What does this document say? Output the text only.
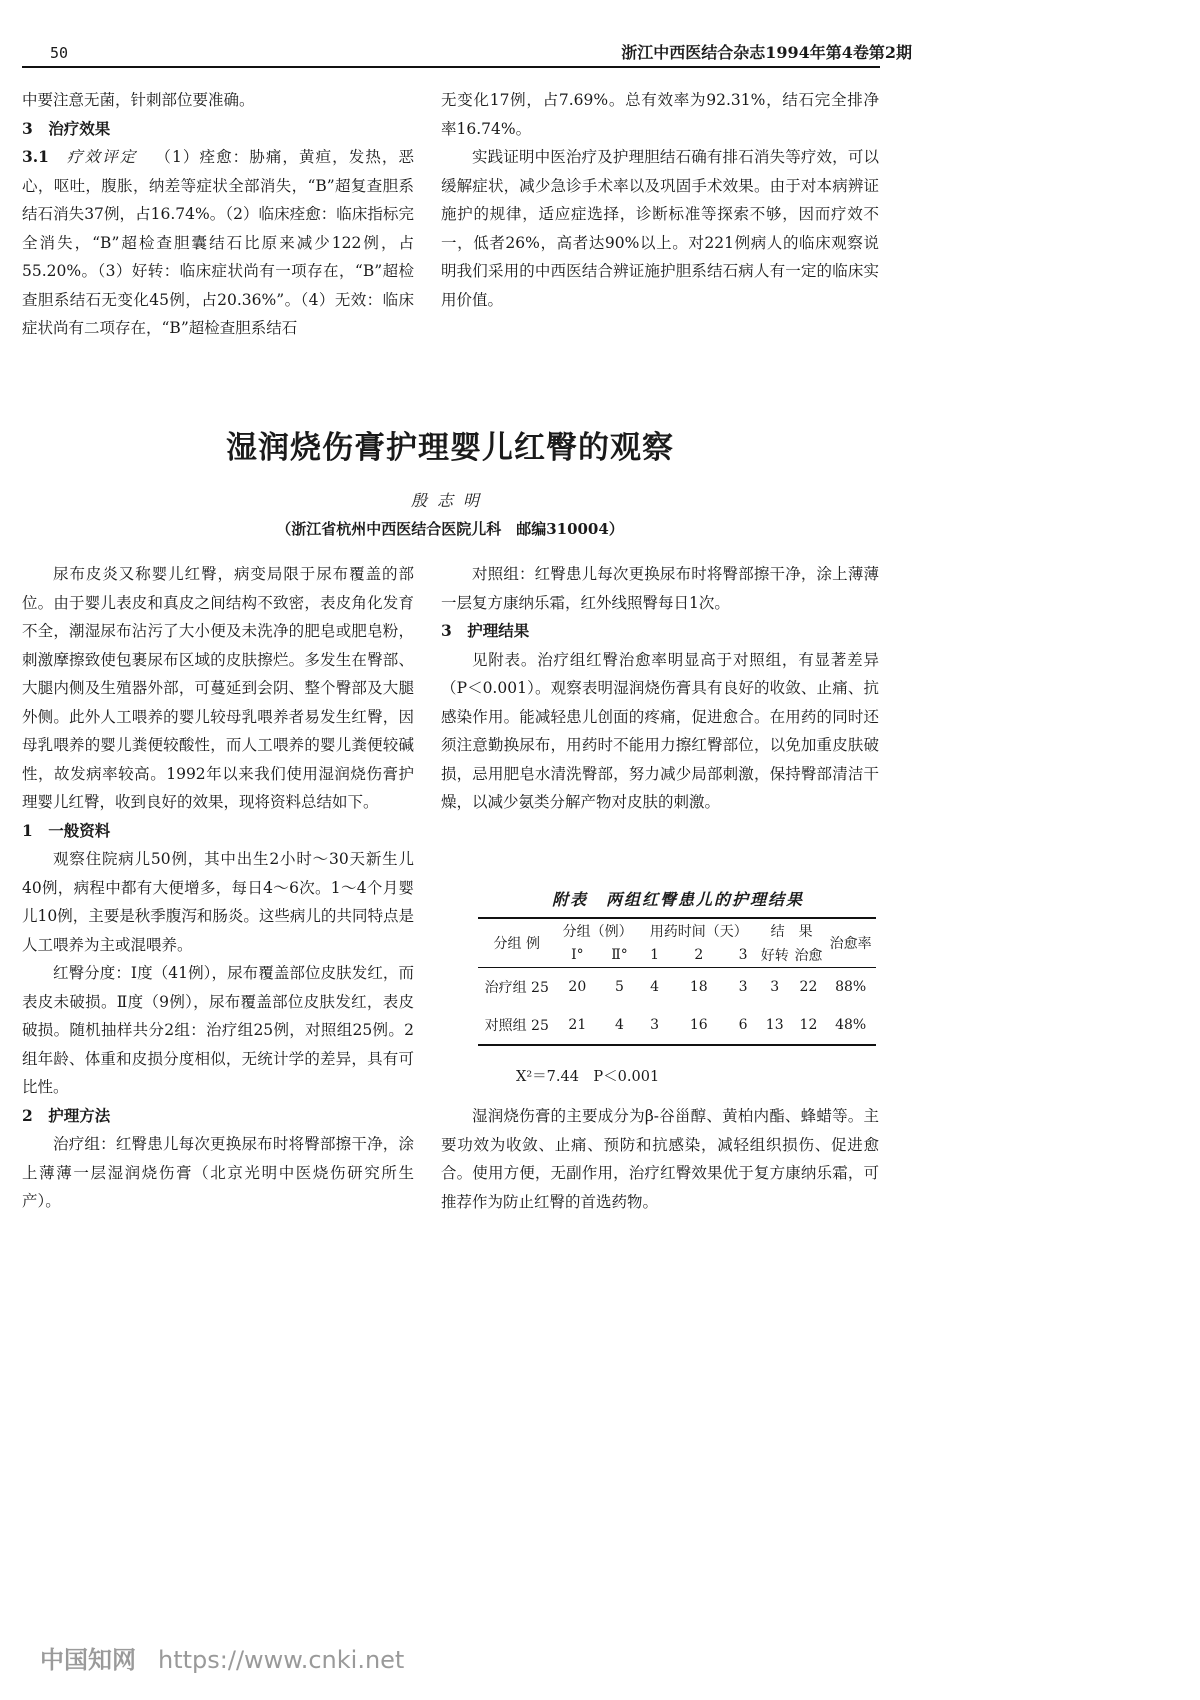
50	浙江中西医结合杂志1994年第4卷第2期

中要注意无菌，针刺部位要准确。

3　治疗效果

3.1 疗效评定 （1）痊愈：胁痛，黄疸，发热，恶心，呕吐，腹胀，纳差等症状全部消失，“B”超复查胆系结石消失37例，占16.74%。（2）临床痊愈：临床指标完全消失，“B”超检查胆囊结石比原来减少122例，占55.20%。（3）好转：临床症状尚有一项存在，“B”超检查胆系结石无变化45例，占20.36%”。（4）无效：临床症状尚有二项存在，“B”超检查胆系结石

无变化17例，占7.69%。总有效率为92.31%，结石完全排净率16.74%。

实践证明中医治疗及护理胆结石确有排石消失等疗效，可以缓解症状，减少急诊手术率以及巩固手术效果。由于对本病辨证施护的规律，适应症选择，诊断标准等探索不够，因而疗效不一，低者26%，高者达90%以上。对221例病人的临床观察说明我们采用的中西医结合辨证施护胆系结石病人有一定的临床实用价值。

湿润烧伤膏护理婴儿红臀的观察
殷志明
（浙江省杭州中西医结合医院儿科　邮编310004）

尿布皮炎又称婴儿红臀，病变局限于尿布覆盖的部位。由于婴儿表皮和真皮之间结构不致密，表皮角化发育不全，潮湿尿布沾污了大小便及未洗净的肥皂或肥皂粉，刺激摩擦致使包裹尿布区域的皮肤擦烂。多发生在臀部、大腿内侧及生殖器外部，可蔓延到会阴、整个臀部及大腿外侧。此外人工喂养的婴儿较母乳喂养者易发生红臀，因母乳喂养的婴儿粪便较酸性，而人工喂养的婴儿粪便较碱性，故发病率较高。1992年以来我们使用湿润烧伤膏护理婴儿红臀，收到良好的效果，现将资料总结如下。

1　一般资料

观察住院病儿50例，其中出生2小时～30天新生儿40例，病程中都有大便增多，每日4～6次。1～4个月婴儿10例，主要是秋季腹泻和肠炎。这些病儿的共同特点是人工喂养为主或混喂养。

红臀分度：I度（41例），尿布覆盖部位皮肤发红，而表皮未破损。Ⅱ度（9例），尿布覆盖部位皮肤发红，表皮破损。随机抽样共分2组：治疗组25例，对照组25例。2组年龄、体重和皮损分度相似，无统计学的差异，具有可比性。

2　护理方法

治疗组：红臀患儿每次更换尿布时将臀部擦干净，涂上薄薄一层湿润烧伤膏（北京光明中医烧伤研究所生产）。

对照组：红臀患儿每次更换尿布时将臀部擦干净，涂上薄薄一层复方康纳乐霜，红外线照臀每日1次。

3　护理结果

见附表。治疗组红臀治愈率明显高于对照组，有显著差异（P＜0.001）。观察表明湿润烧伤膏具有良好的收敛、止痛、抗感染作用。能减轻患儿创面的疼痛，促进愈合。在用药的同时还须注意勤换尿布，用药时不能用力擦红臀部位，以免加重皮肤破损，忌用肥皂水清洗臀部，努力减少局部刺激，保持臀部清洁干燥，以减少氨类分解产物对皮肤的刺激。

附表　两组红臀患儿的护理结果
分组 例	分组（例）		用药时间（天）			结　果		治愈率
	Ⅰ°	Ⅱ°	1	2	3	好转	治愈	
治疗组 25	20	5	4	18	3	3	22	88%
对照组 25	21	4	3	16	6	13	12	48%
X²＝7.44　P＜0.001

湿润烧伤膏的主要成分为β-谷甾醇、黄柏内酯、蜂蜡等。主要功效为收敛、止痛、预防和抗感染，减轻组织损伤、促进愈合。使用方便，无副作用，治疗红臀效果优于复方康纳乐霜，可推荐作为防止红臀的首选药物。

中国知网 https://www.cnki.net
